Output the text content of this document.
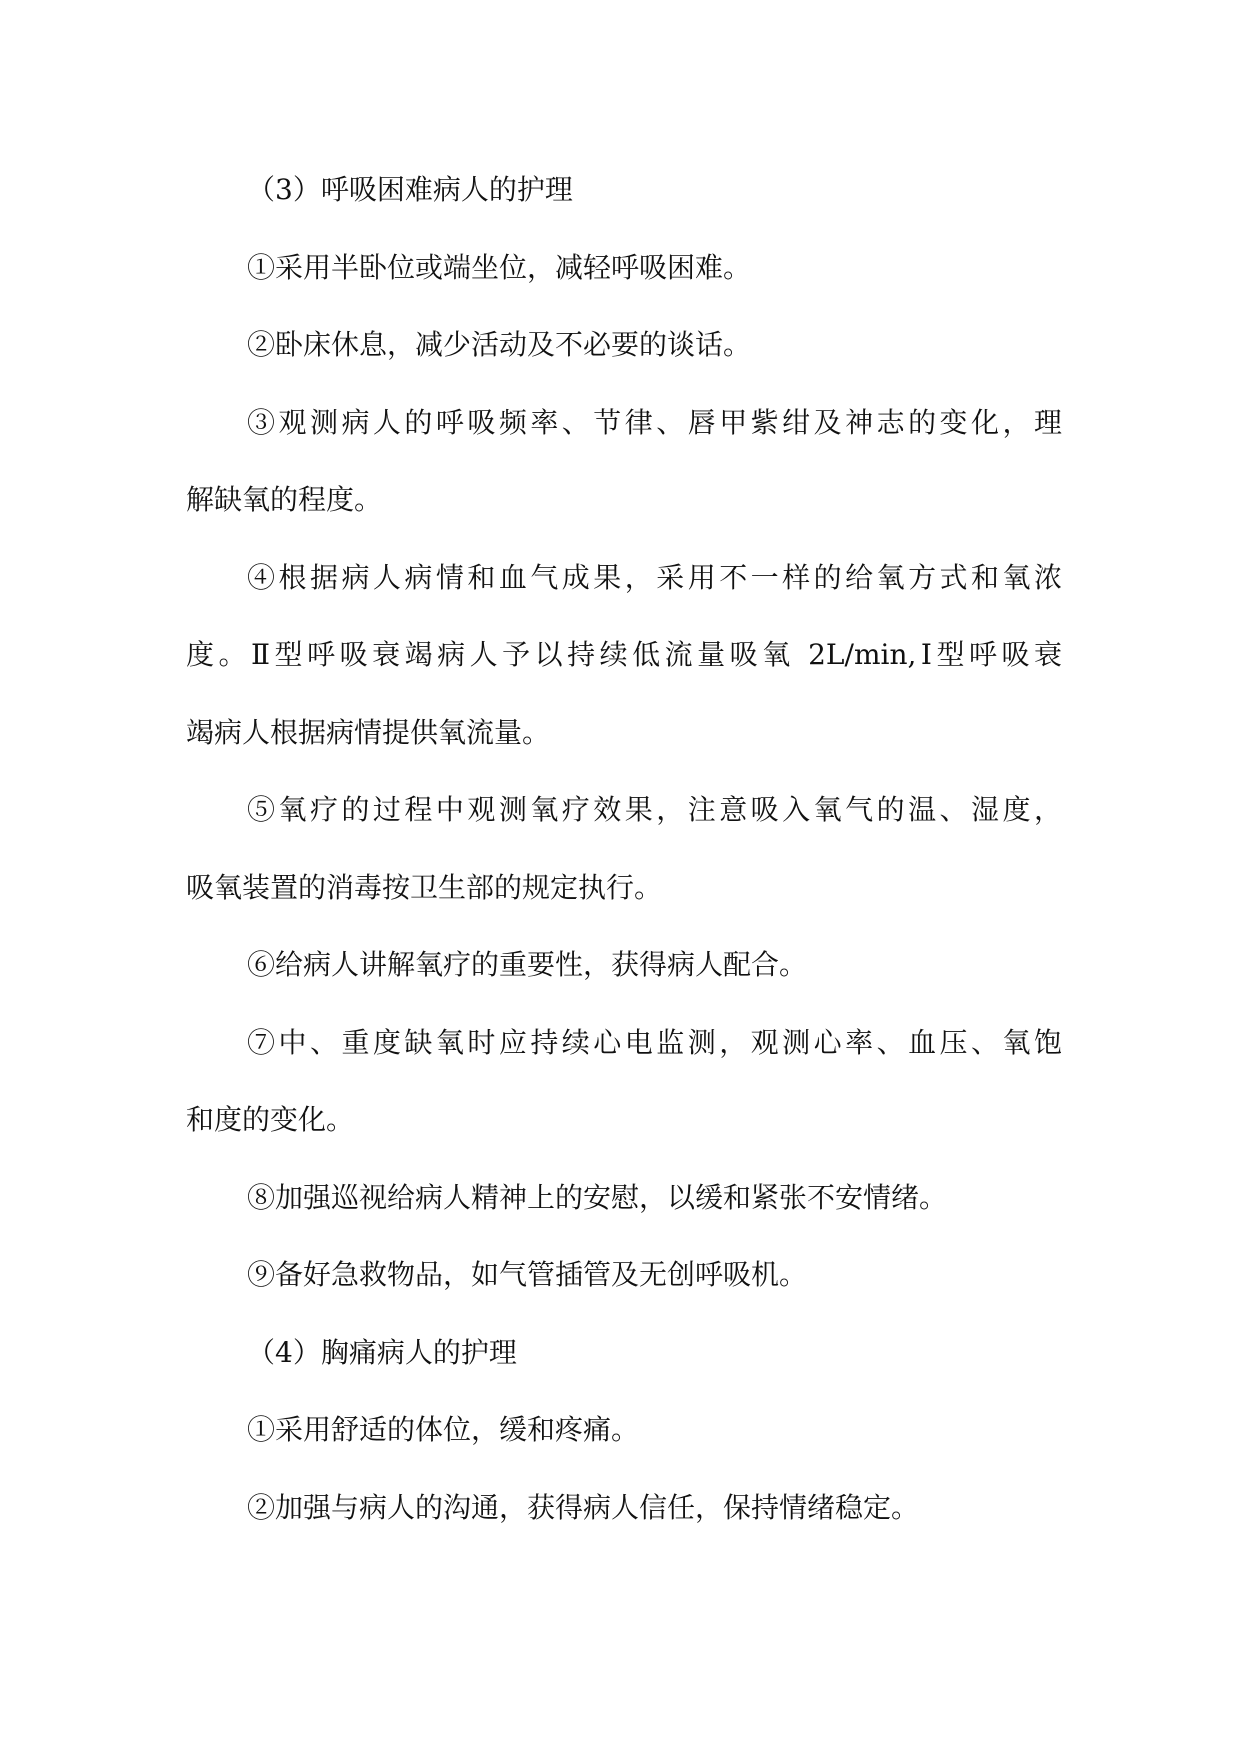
（3）呼吸困难病人的护理
①采用半卧位或端坐位，减轻呼吸困难。
②卧床休息，减少活动及不必要的谈话。
③观测病人的呼吸频率、节律、唇甲紫绀及神志的变化，理
解缺氧的程度。
④根据病人病情和血气成果，采用不一样的给氧方式和氧浓
度。Ⅱ型呼吸衰竭病人予以持续低流量吸氧 2L/min,Ⅰ型呼吸衰
竭病人根据病情提供氧流量。
⑤氧疗的过程中观测氧疗效果，注意吸入氧气的温、湿度，
吸氧装置的消毒按卫生部的规定执行。
⑥给病人讲解氧疗的重要性，获得病人配合。
⑦中、重度缺氧时应持续心电监测，观测心率、血压、氧饱
和度的变化。
⑧加强巡视给病人精神上的安慰，以缓和紧张不安情绪。
⑨备好急救物品，如气管插管及无创呼吸机。
（4）胸痛病人的护理
①采用舒适的体位，缓和疼痛。
②加强与病人的沟通，获得病人信任，保持情绪稳定。
